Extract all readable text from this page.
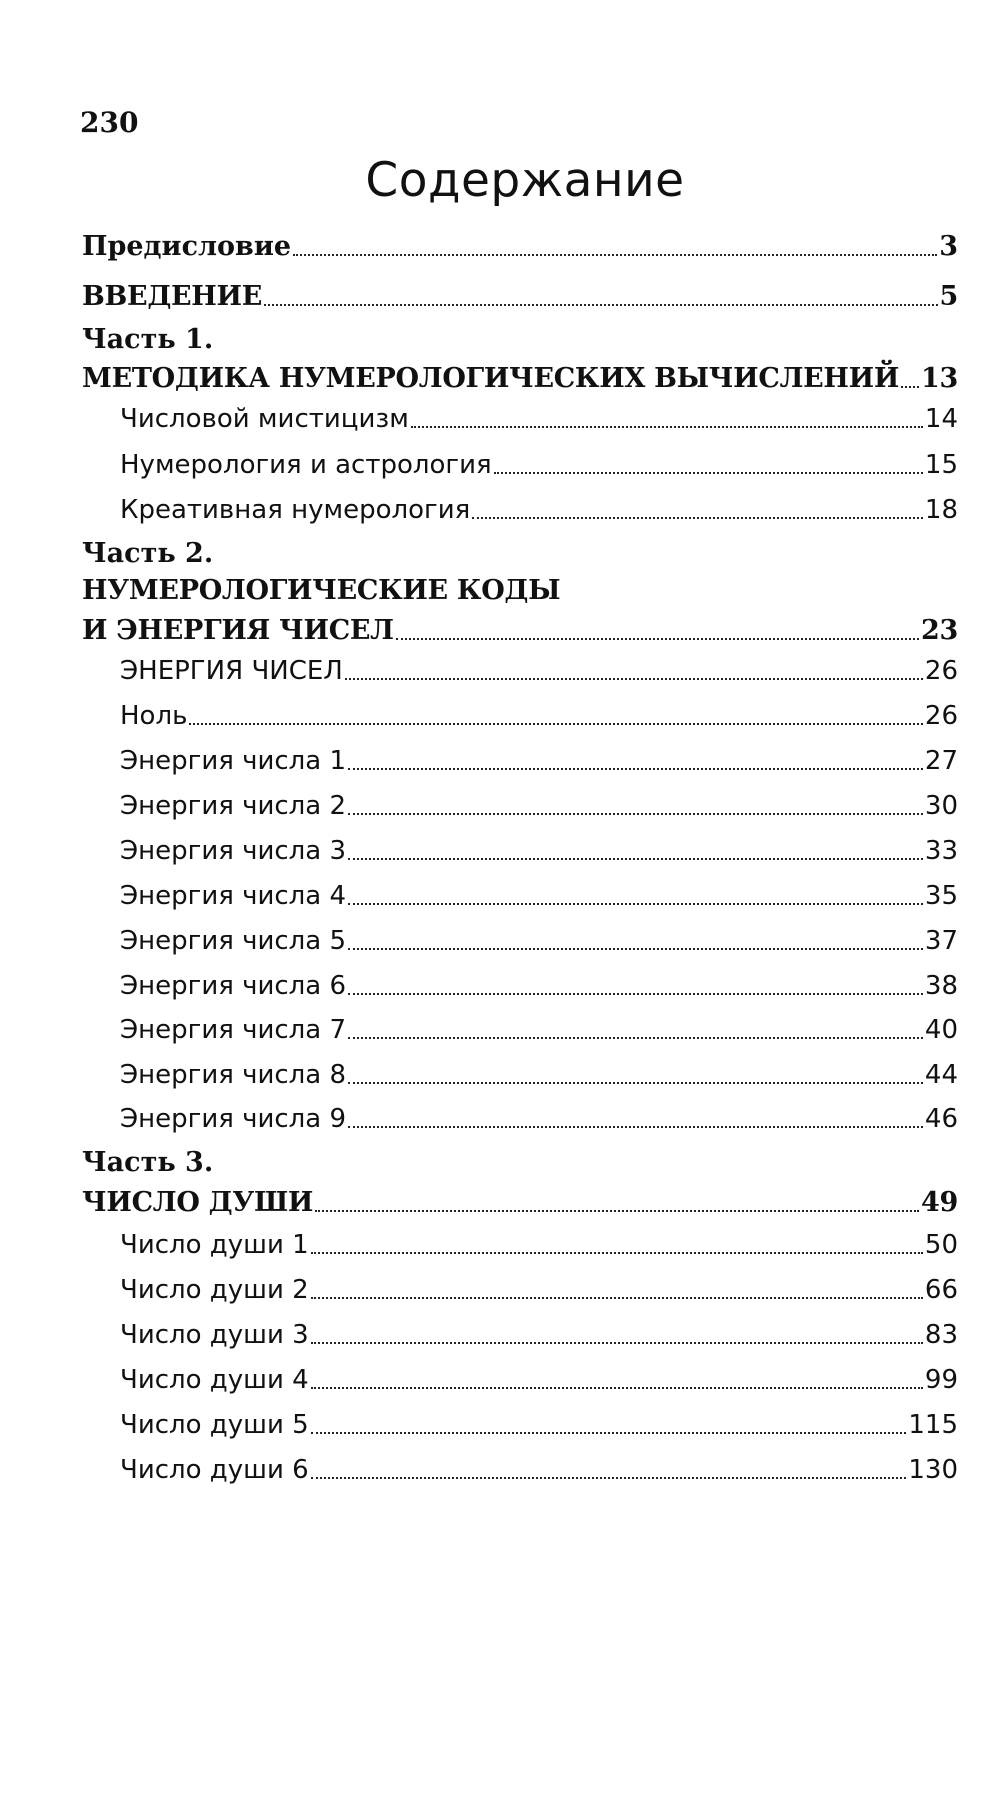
230
Содержание
Предисловие	3
ВВЕДЕНИЕ	5
Часть 1.
МЕТОДИКА НУМЕРОЛОГИЧЕСКИХ ВЫЧИСЛЕНИЙ 13
Числовой мистицизм	14
Нумерология и астрология	15
Креативная нумерология	18
Часть 2.
НУМЕРОЛОГИЧЕСКИЕ КОДЫ
И ЭНЕРГИЯ ЧИСЕЛ	23
ЭНЕРГИЯ ЧИСЕЛ	26
Ноль	26
Энергия числа 1	27
Энергия числа 2	30
Энергия числа 3	33
Энергия числа 4	35
Энергия числа 5	37
Энергия числа 6	38
Энергия числа 7	40
Энергия числа 8	44
Энергия числа 9	46
Часть 3.
ЧИСЛО ДУШИ	49
Число души 1	50
Число души 2	66
Число души 3	83
Число души 4	99
Число души 5	115
Число души 6	130
